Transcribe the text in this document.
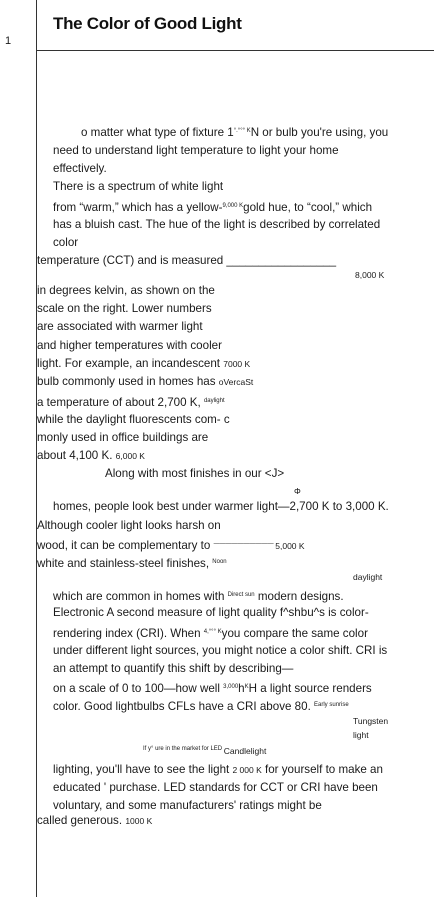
1
The Color of Good Light
o matter what type of fixture 1°.°°° $^K$N or bulb you're using, you
need to understand light temperature to light your home
effectively.
There is a spectrum of white light
from “warm,” which has a yellow-$^{9,000}$ $^K$gold hue, to “cool,” which
has a bluish cast. The hue of the light is described by correlated
color
temperature (CCT) and is measured _________________
8,000 K
in degrees kelvin, as shown on the
scale on the right. Lower numbers
are associated with warmer light
and higher temperatures with cooler
light. For example, an incandescent 7000 K
bulb commonly used in homes has oVercaSt
a temperature of about 2,700 K, $^{daylight}$
while the daylight fluorescents com- c
monly used in office buildings are
about 4,100 K. 6,000 K
Along with most finishes in our <J>
Φ
homes, people look best under warmer light—2,700 K to 3,000 K.
Although cooler light looks harsh on
wood, it can be complementary to —————————— 5,000 K
white and stainless-steel finishes, $^{Noon}$
daylight
which are common in homes with $^{Direct sun}$ modern designs.
Electronic A second measure of light quality f^shbu^s is color-
rendering index (CRI). When $^{4,^\circ^\circ^\circ K}$you compare the same color
under different light sources, you might notice a color shift. CRI is
an attempt to quantify this shift by describing—
on a scale of 0 to 100—how well $^{3,000}h^KH$ a light source renders
color. Good lightbulbs CFLs have a CRI above 80. $^{Early sunrise}$
Tungsten
light
$^{If y^\circ}$ $^{ure in the market for LED}$ Candlelight
lighting, you'll have to see the light 2 000 K for yourself to make an
educated ' purchase. LED standards for CCT or CRI have been
voluntary, and some manufacturers' ratings might be
called generous. 1000 K
